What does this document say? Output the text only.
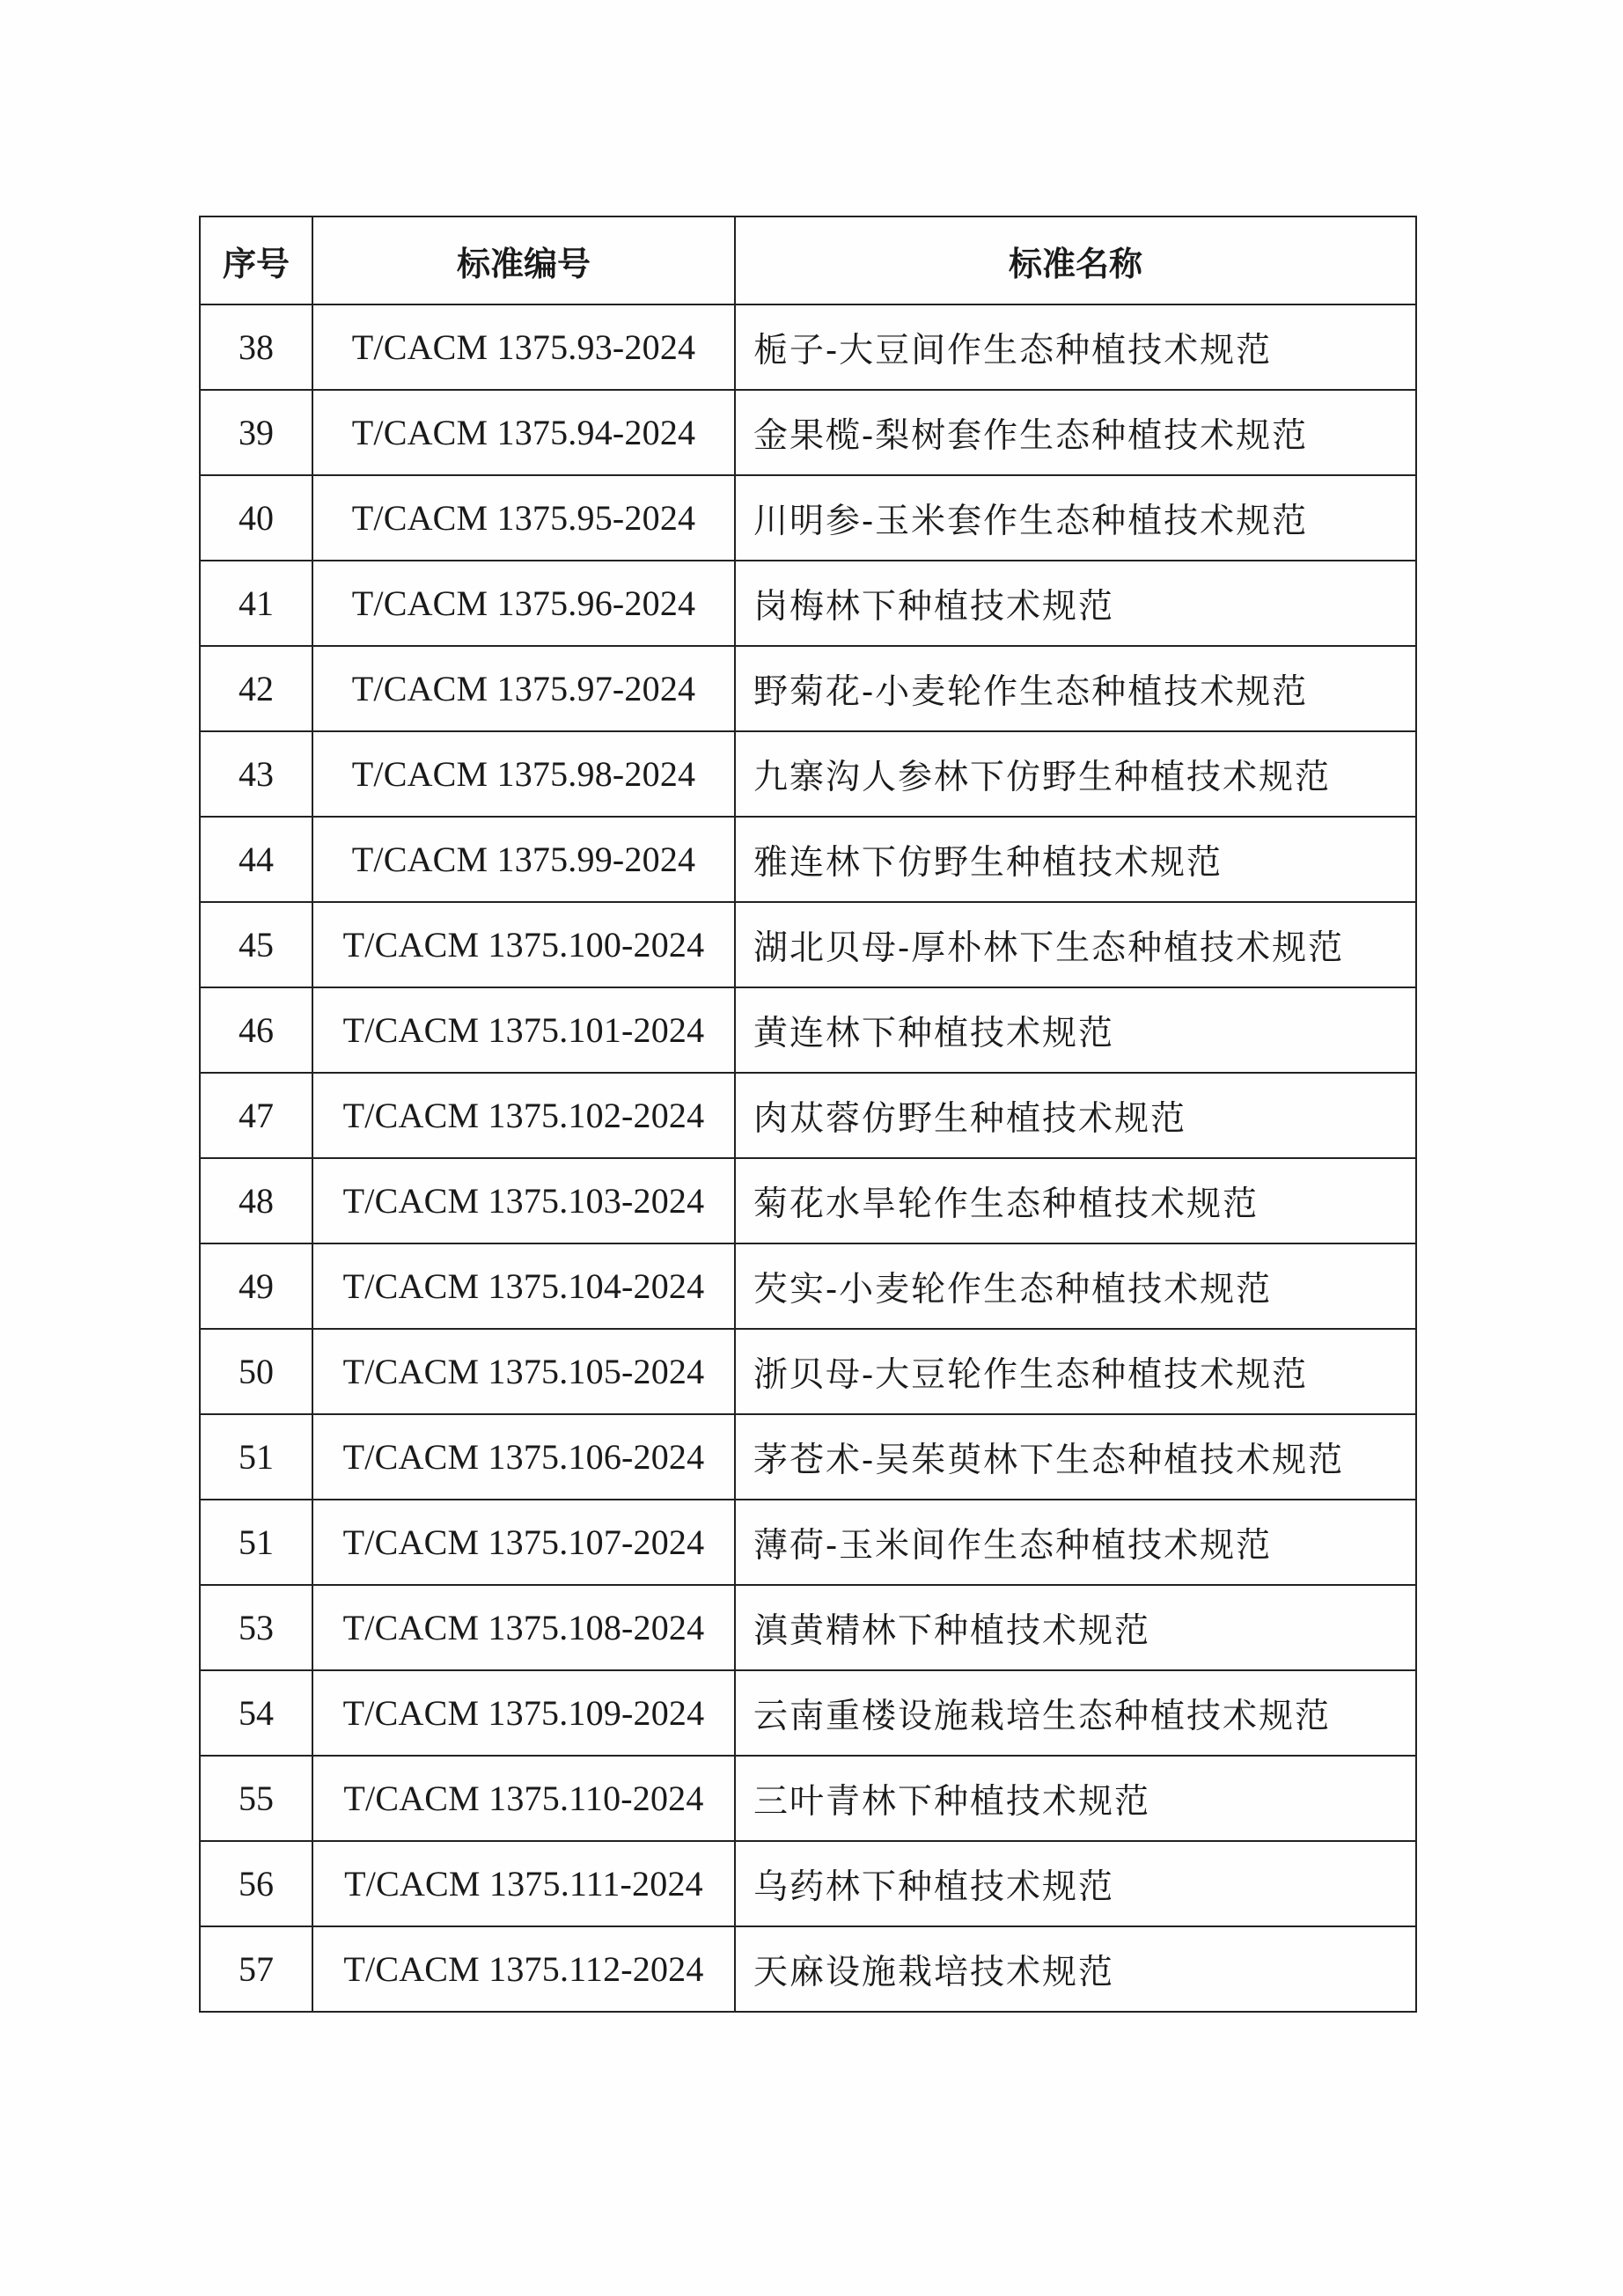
序号	标准编号	标准名称
38	T/CACM 1375.93-2024	栀子-大豆间作生态种植技术规范
39	T/CACM 1375.94-2024	金果榄-梨树套作生态种植技术规范
40	T/CACM 1375.95-2024	川明参-玉米套作生态种植技术规范
41	T/CACM 1375.96-2024	岗梅林下种植技术规范
42	T/CACM 1375.97-2024	野菊花-小麦轮作生态种植技术规范
43	T/CACM 1375.98-2024	九寨沟人参林下仿野生种植技术规范
44	T/CACM 1375.99-2024	雅连林下仿野生种植技术规范
45	T/CACM 1375.100-2024	湖北贝母-厚朴林下生态种植技术规范
46	T/CACM 1375.101-2024	黄连林下种植技术规范
47	T/CACM 1375.102-2024	肉苁蓉仿野生种植技术规范
48	T/CACM 1375.103-2024	菊花水旱轮作生态种植技术规范
49	T/CACM 1375.104-2024	芡实-小麦轮作生态种植技术规范
50	T/CACM 1375.105-2024	浙贝母-大豆轮作生态种植技术规范
51	T/CACM 1375.106-2024	茅苍术-吴茱萸林下生态种植技术规范
51	T/CACM 1375.107-2024	薄荷-玉米间作生态种植技术规范
53	T/CACM 1375.108-2024	滇黄精林下种植技术规范
54	T/CACM 1375.109-2024	云南重楼设施栽培生态种植技术规范
55	T/CACM 1375.110-2024	三叶青林下种植技术规范
56	T/CACM 1375.111-2024	乌药林下种植技术规范
57	T/CACM 1375.112-2024	天麻设施栽培技术规范
